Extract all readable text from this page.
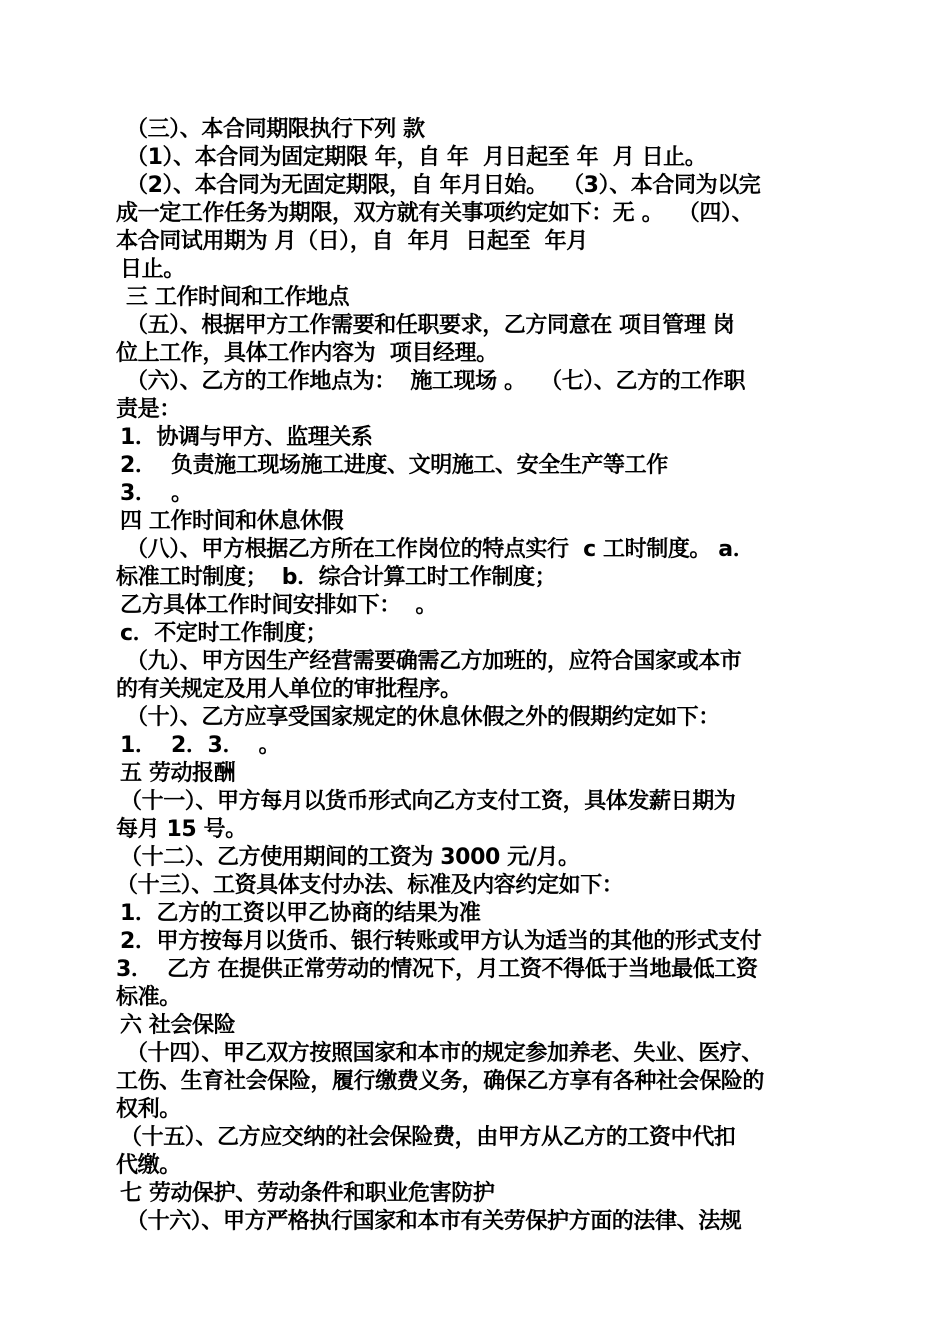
（三）、本合同期限执行下列 款
（1）、本合同为固定期限 年，自 年  月日起至 年  月 日止。
（2）、本合同为无固定期限，自 年月日始。  （3）、本合同为以完
成一定工作任务为期限，双方就有关事项约定如下：无 。  （四）、
本合同试用期为 月（日），自  年月  日起至  年月
日止。
三 工作时间和工作地点
（五）、根据甲方工作需要和任职要求，乙方同意在 项目管理 岗
位上工作，具体工作内容为  项目经理。
（六）、乙方的工作地点为：  施工现场 。  （七）、乙方的工作职
责是：
1．协调与甲方、监理关系
2．  负责施工现场施工进度、文明施工、安全生产等工作
3．  。
四 工作时间和休息休假
（八）、甲方根据乙方所在工作岗位的特点实行  c 工时制度。 a．
标准工时制度；  b．综合计算工时工作制度；
乙方具体工作时间安排如下：  。
c．不定时工作制度；
（九）、甲方因生产经营需要确需乙方加班的，应符合国家或本市
的有关规定及用人单位的审批程序。
（十）、乙方应享受国家规定的休息休假之外的假期约定如下：
1．  2．3．  。
五 劳动报酬
（十一）、甲方每月以货币形式向乙方支付工资，具体发薪日期为
每月 15 号。
（十二）、乙方使用期间的工资为 3000 元/月。
（十三）、工资具体支付办法、标准及内容约定如下：
1．乙方的工资以甲乙协商的结果为准
2．甲方按每月以货币、银行转账或甲方认为适当的其他的形式支付
3．  乙方 在提供正常劳动的情况下，月工资不得低于当地最低工资
标准。
六 社会保险
（十四）、甲乙双方按照国家和本市的规定参加养老、失业、医疗、
工伤、生育社会保险，履行缴费义务，确保乙方享有各种社会保险的
权利。
（十五）、乙方应交纳的社会保险费，由甲方从乙方的工资中代扣
代缴。
七 劳动保护、劳动条件和职业危害防护
（十六）、甲方严格执行国家和本市有关劳保护方面的法律、法规
